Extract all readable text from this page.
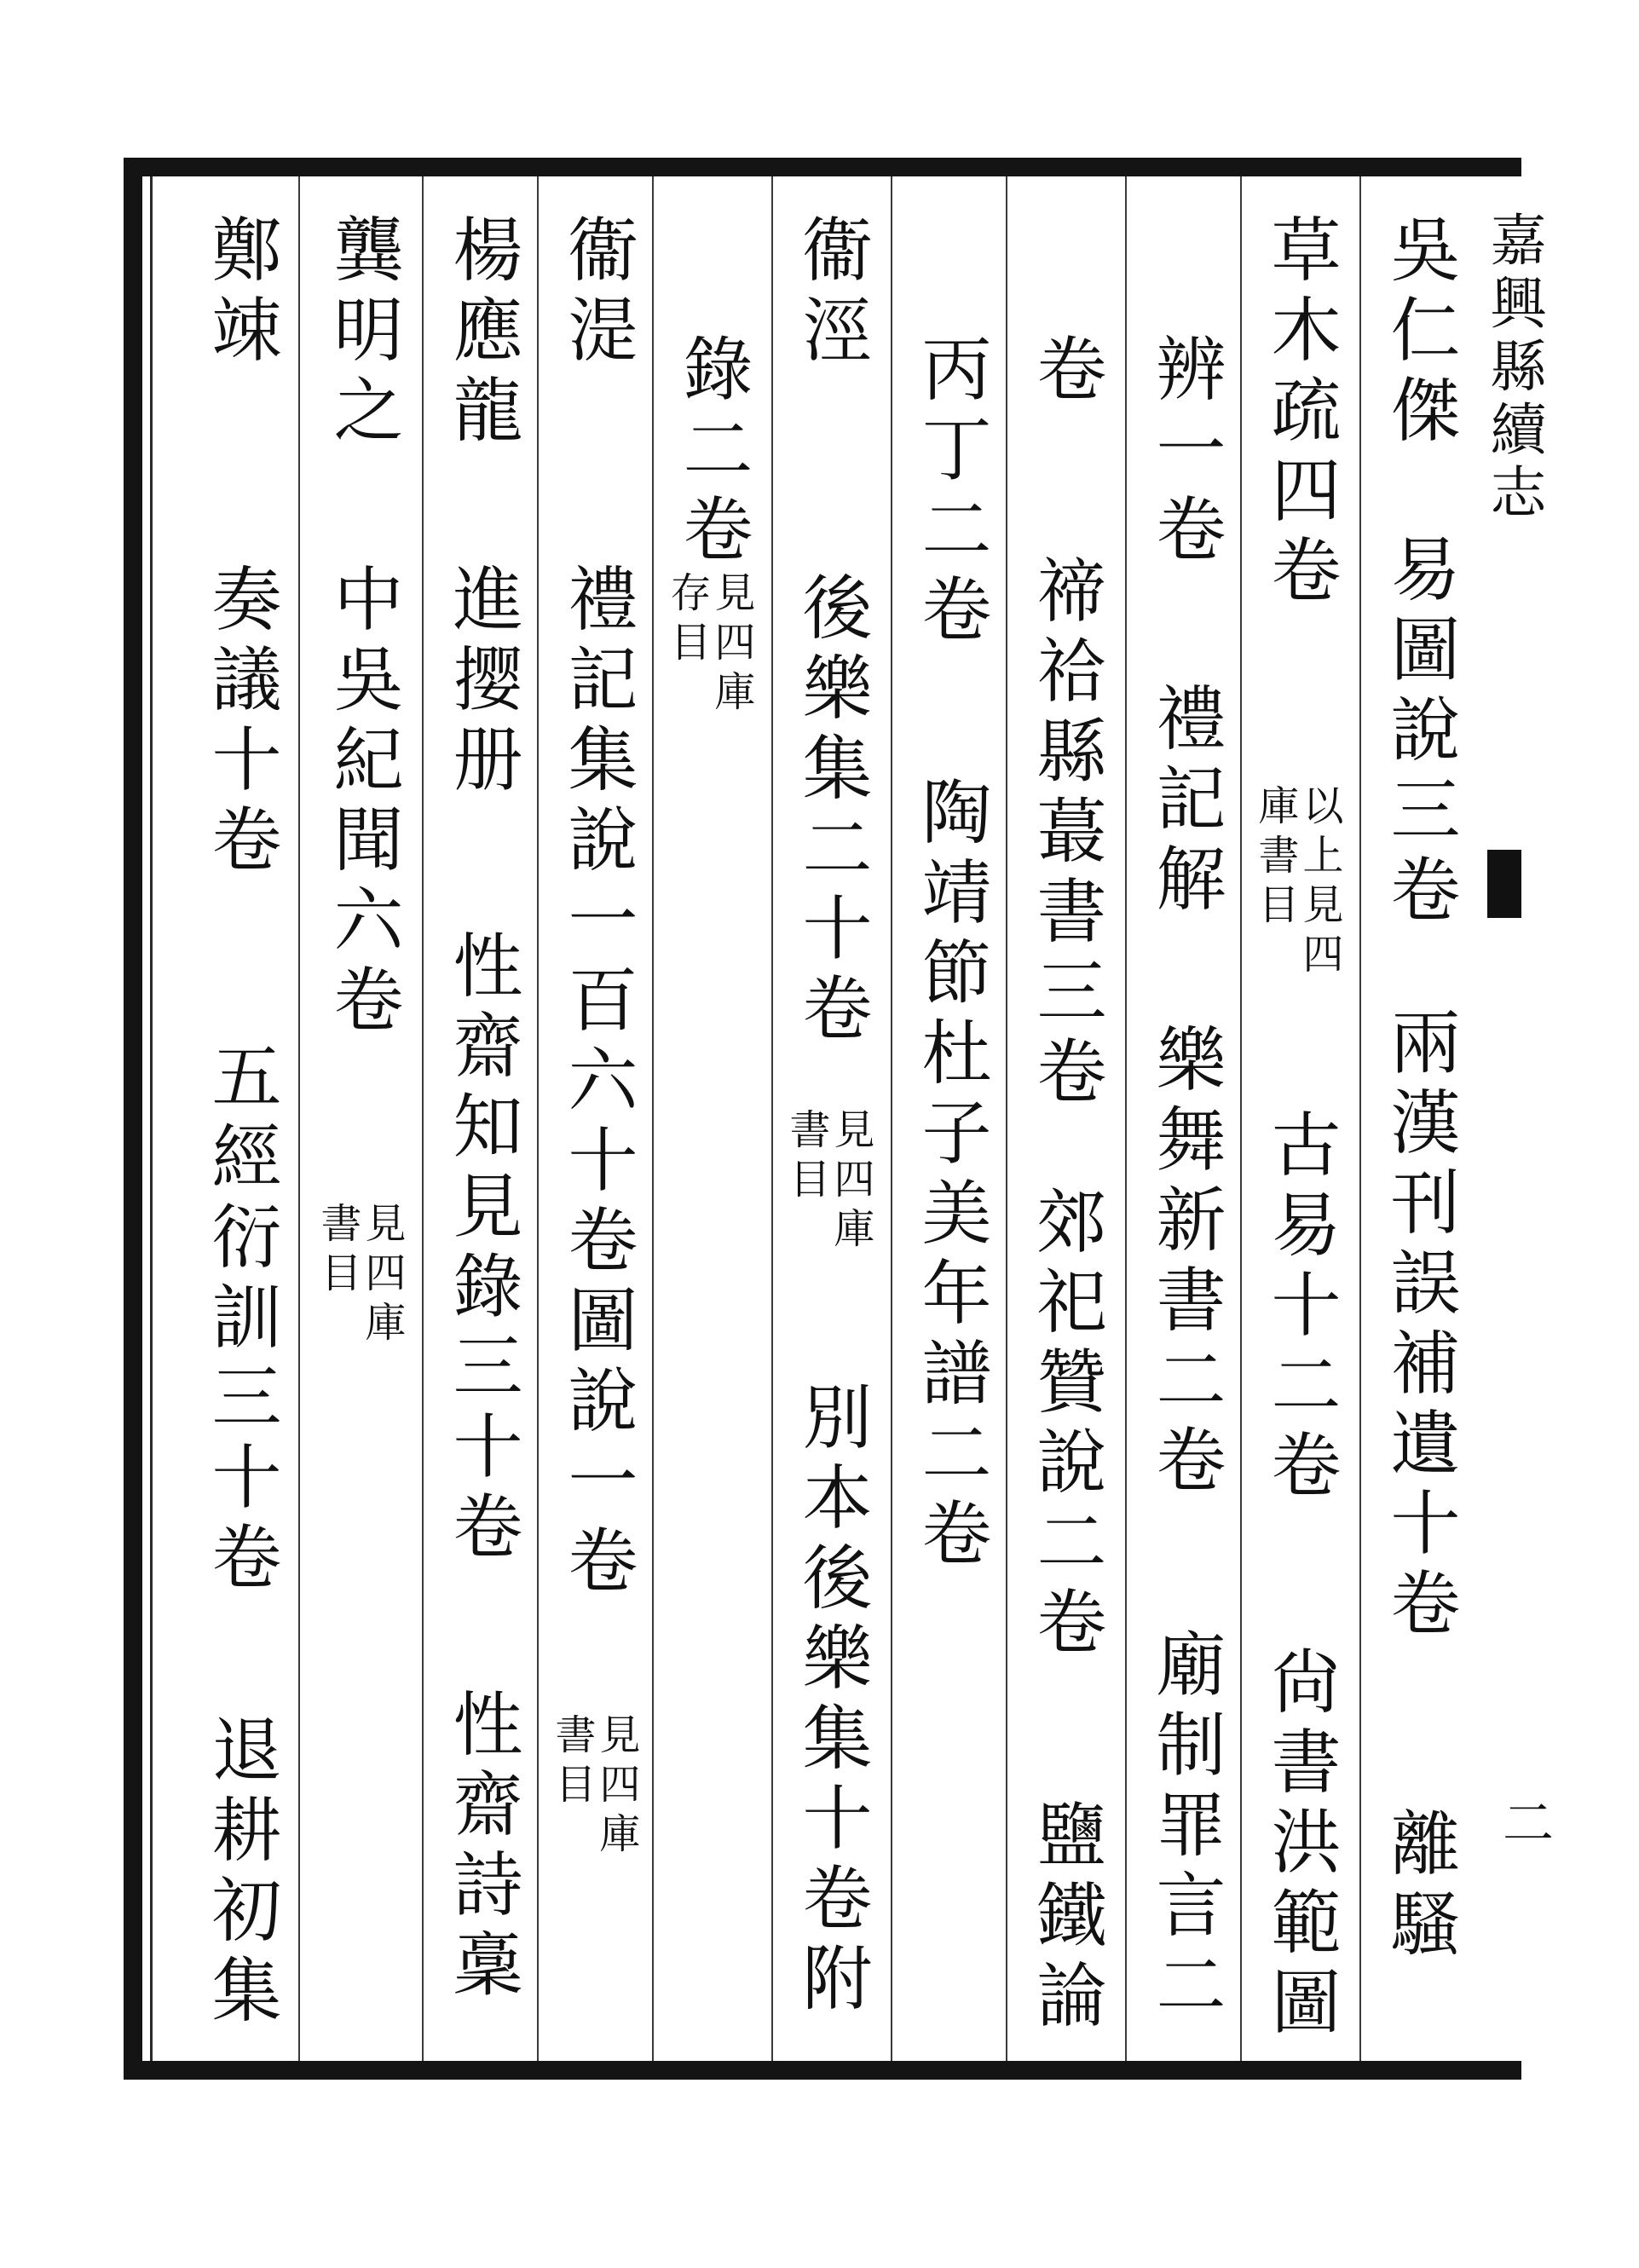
嘉興縣續志
二
吳仁傑
易圖說三卷
兩漢刊誤補遺十卷
離騷
草木疏四卷
以上見四
庫書目
古易十二卷
尙書洪範圖
辨一卷
禮記解
樂舞新書二卷
廟制罪言二
卷
禘祫縣蕞書三卷
郊祀贊說二卷
鹽鐵論
丙丁二卷
陶靖節杜子美年譜二卷
衞涇
後樂集二十卷
見四庫
書目
別本後樂集十卷附
錄二卷
見四庫
存目
衞湜
禮記集說一百六十卷圖說一卷
見四庫
書目
楊應龍
進撄册
性齋知見錄三十卷
性齋詩稾
龔明之
中吳紀聞六卷
見四庫
書目
鄭竦
奏議十卷
五經衍訓三十卷
退耕初集
